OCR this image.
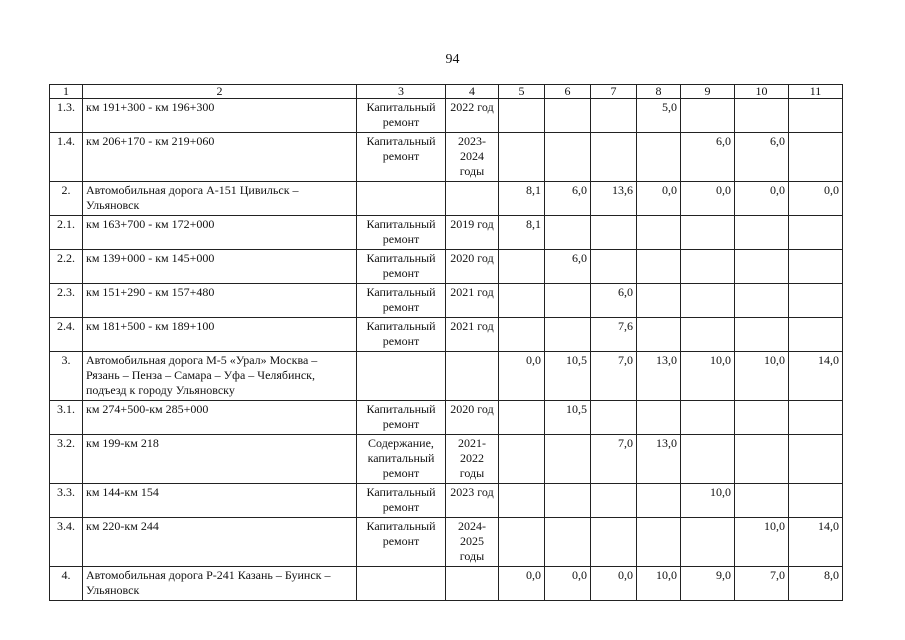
94
1	2	3	4	5	6	7	8	9	10	11
1.3.	км 191+300 - км 196+300	Капитальный ремонт	2022 год				5,0			
1.4.	км 206+170 - км 219+060	Капитальный ремонт	2023-2024 годы					6,0	6,0	
2.	Автомобильная дорога А-151 Цивильск – Ульяновск			8,1	6,0	13,6	0,0	0,0	0,0	0,0
2.1.	км 163+700 - км 172+000	Капитальный ремонт	2019 год	8,1						
2.2.	км 139+000 - км 145+000	Капитальный ремонт	2020 год		6,0					
2.3.	км 151+290 - км 157+480	Капитальный ремонт	2021 год			6,0				
2.4.	км 181+500 - км 189+100	Капитальный ремонт	2021 год			7,6				
3.	Автомобильная дорога М-5 «Урал» Москва – Рязань – Пенза – Самара – Уфа – Челябинск, подъезд к городу Ульяновску			0,0	10,5	7,0	13,0	10,0	10,0	14,0
3.1.	км 274+500-км 285+000	Капитальный ремонт	2020 год		10,5					
3.2.	км 199-км 218	Содержание, капитальный ремонт	2021-2022 годы			7,0	13,0			
3.3.	км 144-км 154	Капитальный ремонт	2023 год					10,0		
3.4.	км 220-км 244	Капитальный ремонт	2024-2025 годы						10,0	14,0
4.	Автомобильная дорога Р-241 Казань – Буинск – Ульяновск			0,0	0,0	0,0	10,0	9,0	7,0	8,0
